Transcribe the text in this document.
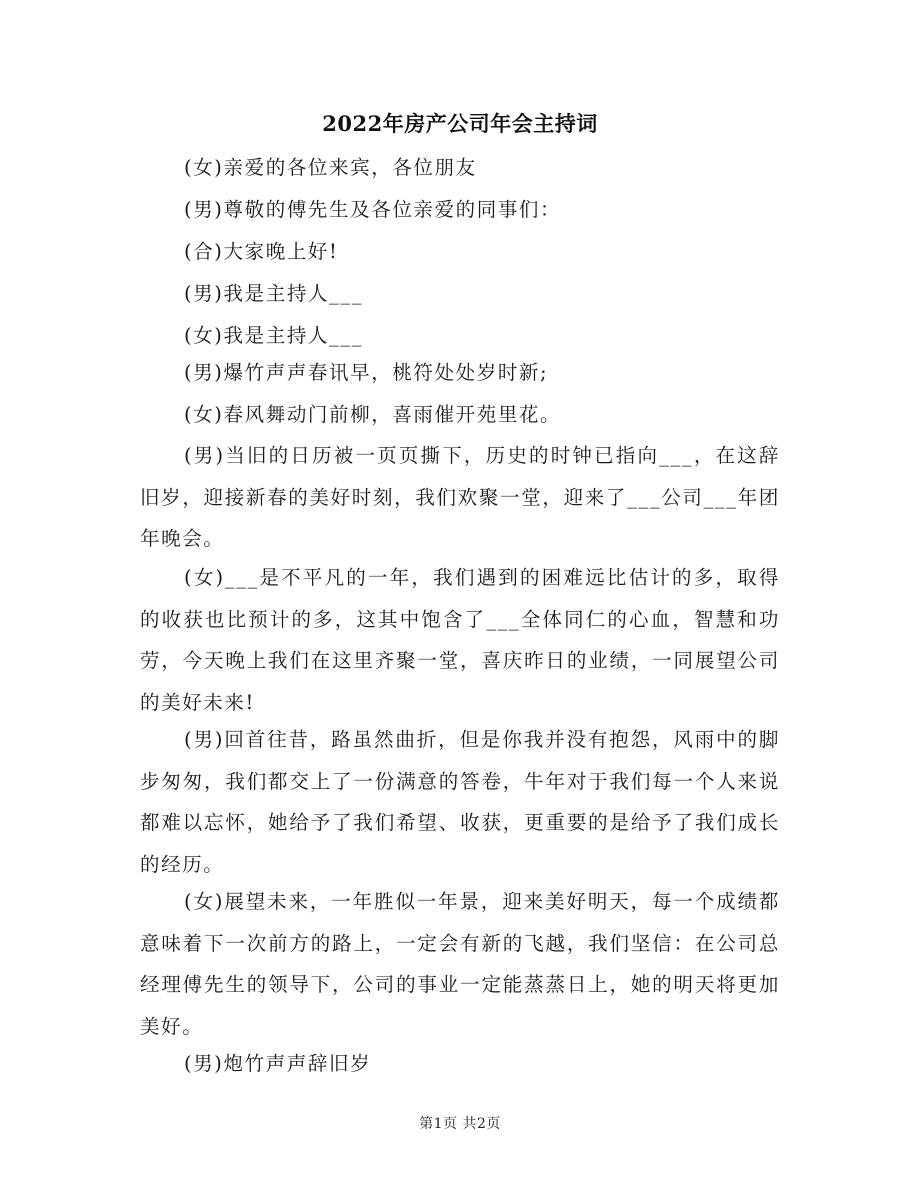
2022年房产公司年会主持词

(女)亲爱的各位来宾，各位朋友

(男)尊敬的傅先生及各位亲爱的同事们：

(合)大家晚上好!

(男)我是主持人___

(女)我是主持人___

(男)爆竹声声春讯早，桃符处处岁时新;

(女)春风舞动门前柳，喜雨催开苑里花。

(男)当旧的日历被一页页撕下，历史的时钟已指向___，在这辞旧岁，迎接新春的美好时刻，我们欢聚一堂，迎来了___公司___年团年晚会。

(女)___是不平凡的一年，我们遇到的困难远比估计的多，取得的收获也比预计的多，这其中饱含了___全体同仁的心血，智慧和功劳，今天晚上我们在这里齐聚一堂，喜庆昨日的业绩，一同展望公司的美好未来!

(男)回首往昔，路虽然曲折，但是你我并没有抱怨，风雨中的脚步匆匆，我们都交上了一份满意的答卷，牛年对于我们每一个人来说都难以忘怀，她给予了我们希望、收获，更重要的是给予了我们成长的经历。

(女)展望未来，一年胜似一年景，迎来美好明天，每一个成绩都意味着下一次前方的路上，一定会有新的飞越，我们坚信：在公司总经理傅先生的领导下，公司的事业一定能蒸蒸日上，她的明天将更加美好。

(男)炮竹声声辞旧岁

第1页 共2页
